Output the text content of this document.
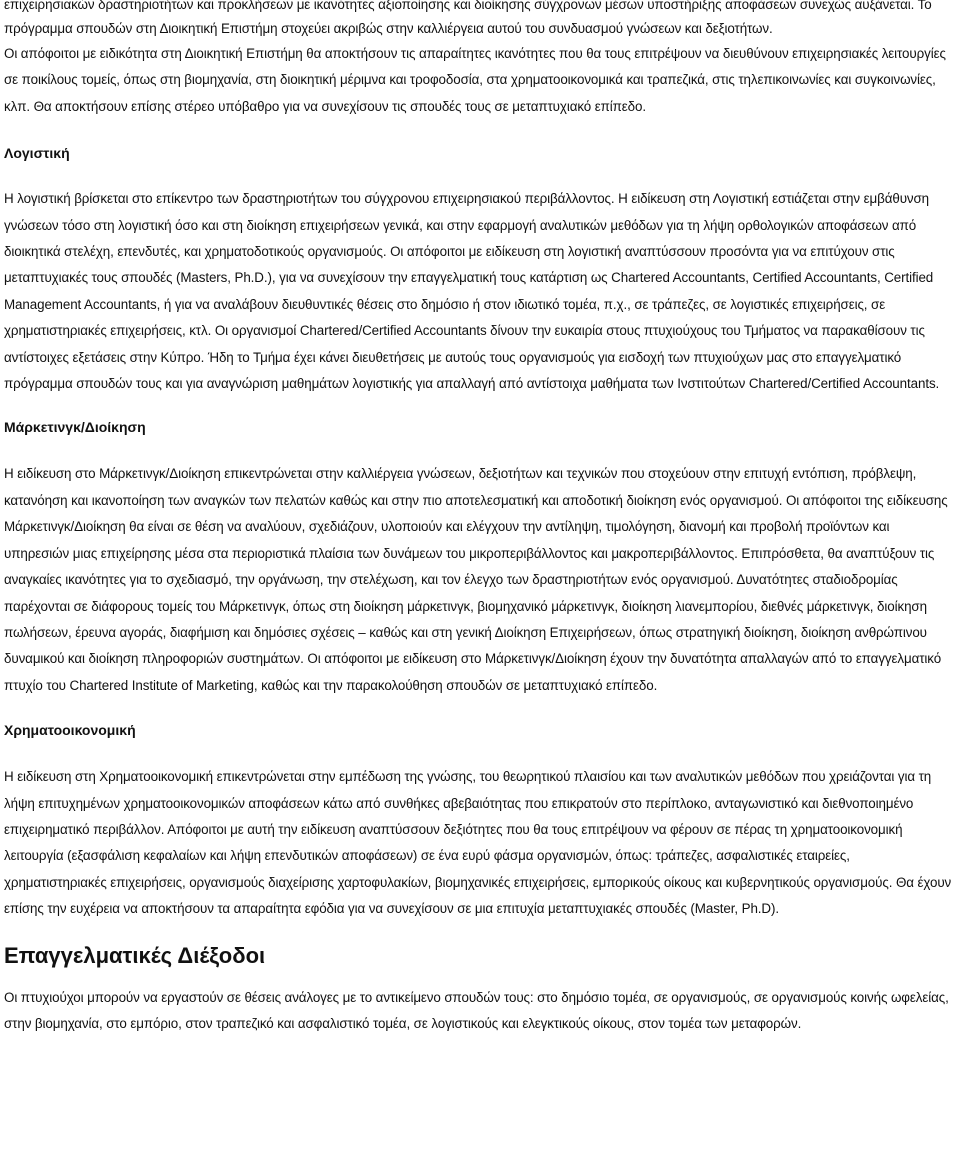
επιχειρησιακών δραστηριοτήτων και προκλήσεων με ικανότητες αξιοποίησης και διοίκησης σύγχρονων μέσων υποστήριξης αποφάσεων συνεχώς αυξάνεται. Το πρόγραμμα σπουδών στη Διοικητική Επιστήμη στοχεύει ακριβώς στην καλλιέργεια αυτού του συνδυασμού γνώσεων και δεξιοτήτων.

Οι απόφοιτοι με ειδικότητα στη Διοικητική Επιστήμη θα αποκτήσουν τις απαραίτητες ικανότητες που θα τους επιτρέψουν να διευθύνουν επιχειρησιακές λειτουργίες σε ποικίλους τομείς, όπως στη βιομηχανία, στη διοικητική μέριμνα και τροφοδοσία, στα χρηματοοικονομικά και τραπεζικά, στις τηλεπικοινωνίες και συγκοινωνίες, κλπ. Θα αποκτήσουν επίσης στέρεο υπόβαθρο για να συνεχίσουν τις σπουδές τους σε μεταπτυχιακό επίπεδο.

Λογιστική

Η λογιστική βρίσκεται στο επίκεντρο των δραστηριοτήτων του σύγχρονου επιχειρησιακού περιβάλλοντος. Η ειδίκευση στη Λογιστική εστιάζεται στην εμβάθυνση γνώσεων τόσο στη λογιστική όσο και στη διοίκηση επιχειρήσεων γενικά, και στην εφαρμογή αναλυτικών μεθόδων για τη λήψη ορθολογικών αποφάσεων από διοικητικά στελέχη, επενδυτές, και χρηματοδοτικούς οργανισμούς. Οι απόφοιτοι με ειδίκευση στη λογιστική αναπτύσσουν προσόντα για να επιτύχουν στις μεταπτυχιακές τους σπουδές (Masters, Ph.D.), για να συνεχίσουν την επαγγελματική τους κατάρτιση ως Chartered Accountants, Certified Accountants, Certified Management Accountants, ή για να αναλάβουν διευθυντικές θέσεις στο δημόσιο ή στον ιδιωτικό τομέα, π.χ., σε τράπεζες, σε λογιστικές επιχειρήσεις, σε χρηματιστηριακές επιχειρήσεις, κτλ. Οι οργανισμοί Chartered/Certified Accountants δίνουν την ευκαιρία στους πτυχιούχους του Τμήματος να παρακαθίσουν τις αντίστοιχες εξετάσεις στην Κύπρο. Ήδη το Τμήμα έχει κάνει διευθετήσεις με αυτούς τους οργανισμούς για εισδοχή των πτυχιούχων μας στο επαγγελματικό πρόγραμμα σπουδών τους και για αναγνώριση μαθημάτων λογιστικής για απαλλαγή από αντίστοιχα μαθήματα των Ινστιτούτων Chartered/Certified Accountants.

Μάρκετινγκ/Διοίκηση

Η ειδίκευση στο Μάρκετινγκ/Διοίκηση επικεντρώνεται στην καλλιέργεια γνώσεων, δεξιοτήτων και τεχνικών που στοχεύουν στην επιτυχή εντόπιση, πρόβλεψη, κατανόηση και ικανοποίηση των αναγκών των πελατών καθώς και στην πιο αποτελεσματική και αποδοτική διοίκηση ενός οργανισμού. Οι απόφοιτοι της ειδίκευσης Μάρκετινγκ/Διοίκηση θα είναι σε θέση να αναλύουν, σχεδιάζουν, υλοποιούν και ελέγχουν την αντίληψη, τιμολόγηση, διανομή και προβολή προϊόντων και υπηρεσιών μιας επιχείρησης μέσα στα περιοριστικά πλαίσια των δυνάμεων του μικροπεριβάλλοντος και μακροπεριβάλλοντος. Επιπρόσθετα, θα αναπτύξουν τις αναγκαίες ικανότητες για το σχεδιασμό, την οργάνωση, την στελέχωση, και τον έλεγχο των δραστηριοτήτων ενός οργανισμού. Δυνατότητες σταδιοδρομίας παρέχονται σε διάφορους τομείς του Μάρκετινγκ, όπως στη διοίκηση μάρκετινγκ, βιομηχανικό μάρκετινγκ, διοίκηση λιανεμπορίου, διεθνές μάρκετινγκ, διοίκηση πωλήσεων, έρευνα αγοράς, διαφήμιση και δημόσιες σχέσεις – καθώς και στη γενική Διοίκηση Επιχειρήσεων, όπως στρατηγική διοίκηση, διοίκηση ανθρώπινου δυναμικού και διοίκηση πληροφοριών συστημάτων. Οι απόφοιτοι με ειδίκευση στο Μάρκετινγκ/Διοίκηση έχουν την δυνατότητα απαλλαγών από το επαγγελματικό πτυχίο του Chartered Institute of Marketing, καθώς και την παρακολούθηση σπουδών σε μεταπτυχιακό επίπεδο.

Χρηματοοικονομική

Η ειδίκευση στη Χρηματοοικονομική επικεντρώνεται στην εμπέδωση της γνώσης, του θεωρητικού πλαισίου και των αναλυτικών μεθόδων που χρειάζονται για τη λήψη επιτυχημένων χρηματοοικονομικών αποφάσεων κάτω από συνθήκες αβεβαιότητας που επικρατούν στο περίπλοκο, ανταγωνιστικό και διεθνοποιημένο επιχειρηματικό περιβάλλον. Απόφοιτοι με αυτή την ειδίκευση αναπτύσσουν δεξιότητες που θα τους επιτρέψουν να φέρουν σε πέρας τη χρηματοοικονομική λειτουργία (εξασφάλιση κεφαλαίων και λήψη επενδυτικών αποφάσεων) σε ένα ευρύ φάσμα οργανισμών, όπως: τράπεζες, ασφαλιστικές εταιρείες, χρηματιστηριακές επιχειρήσεις, οργανισμούς διαχείρισης χαρτοφυλακίων, βιομηχανικές επιχειρήσεις, εμπορικούς οίκους και κυβερνητικούς οργανισμούς. Θα έχουν επίσης την ευχέρεια να αποκτήσουν τα απαραίτητα εφόδια για να συνεχίσουν σε μια επιτυχία μεταπτυχιακές σπουδές (Master, Ph.D).

Επαγγελματικές Διέξοδοι

Οι πτυχιούχοι μπορούν να εργαστούν σε θέσεις ανάλογες με το αντικείμενο σπουδών τους: στο δημόσιο τομέα, σε οργανισμούς, σε οργανισμούς κοινής ωφελείας, στην βιομηχανία, στο εμπόριο, στον τραπεζικό και ασφαλιστικό τομέα, σε λογιστικούς και ελεγκτικούς οίκους, στον τομέα των μεταφορών.
